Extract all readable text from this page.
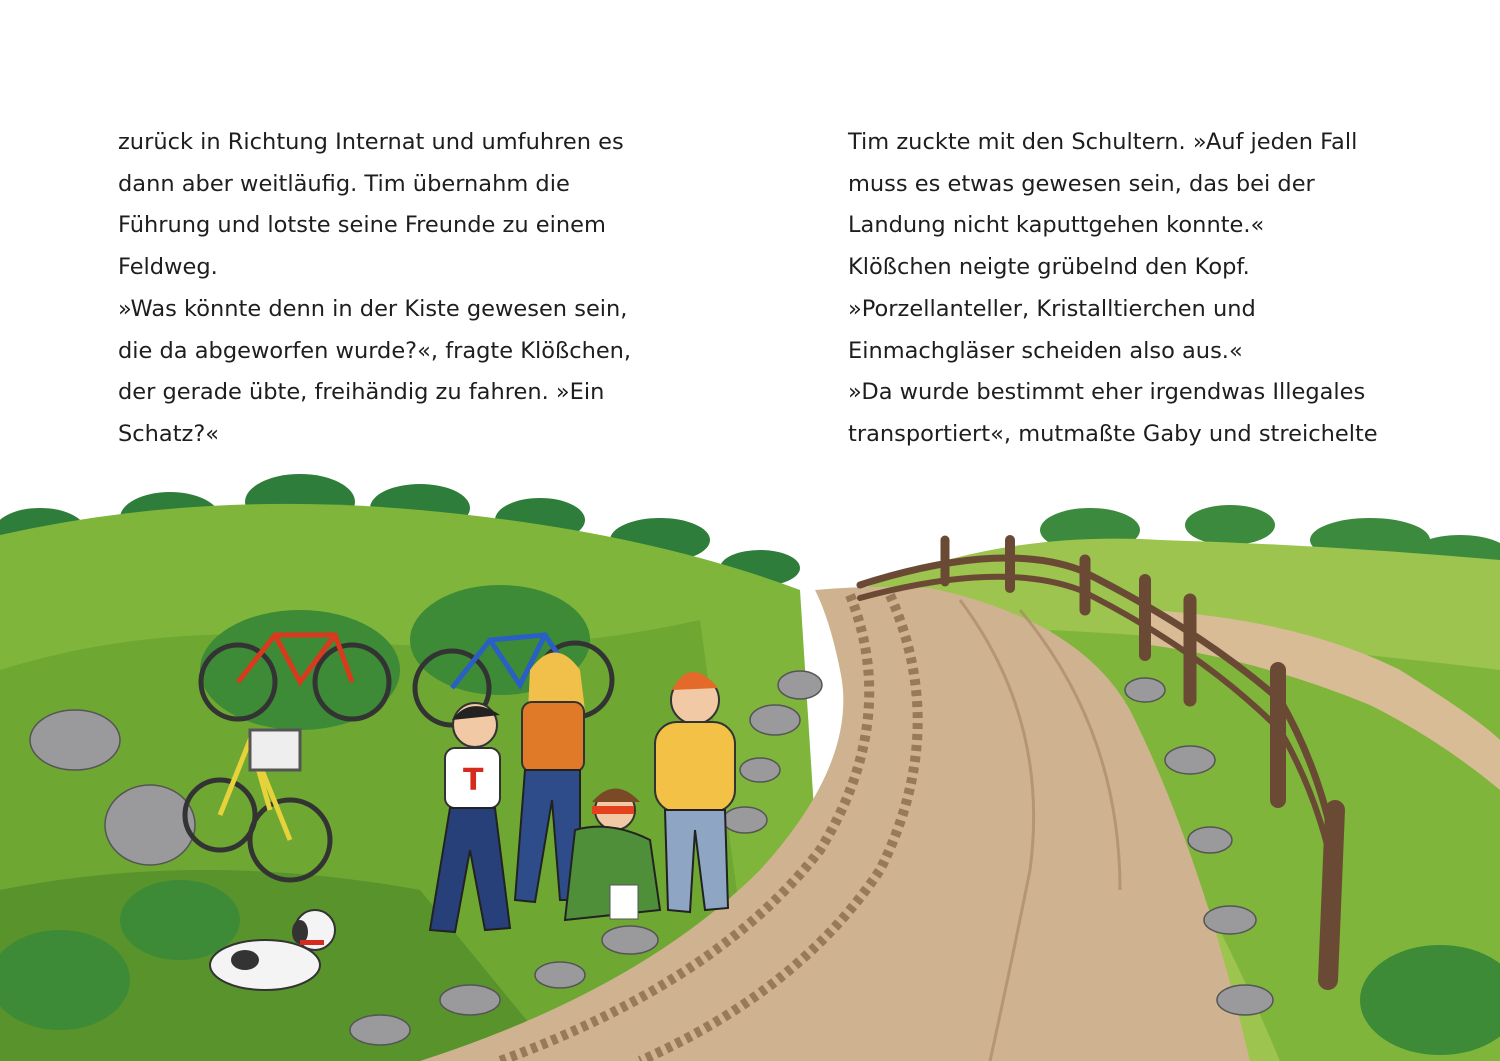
zurück in Richtung Internat und umfuhren es
dann aber weitläufig. Tim übernahm die
Führung und lotste seine Freunde zu einem
Feldweg.
»Was könnte denn in der Kiste gewesen sein,
die da abgeworfen wurde?«, fragte Klößchen,
der gerade übte, freihändig zu fahren. »Ein
Schatz?«
Tim zuckte mit den Schultern. »Auf jeden Fall
muss es etwas gewesen sein, das bei der
Landung nicht kaputtgehen konnte.«
Klößchen neigte grübelnd den Kopf.
»Porzellanteller, Kristalltierchen und
Einmachgläser scheiden also aus.«
»Da wurde bestimmt eher irgendwas Illegales
transportiert«, mutmaßte Gaby und streichelte
T
